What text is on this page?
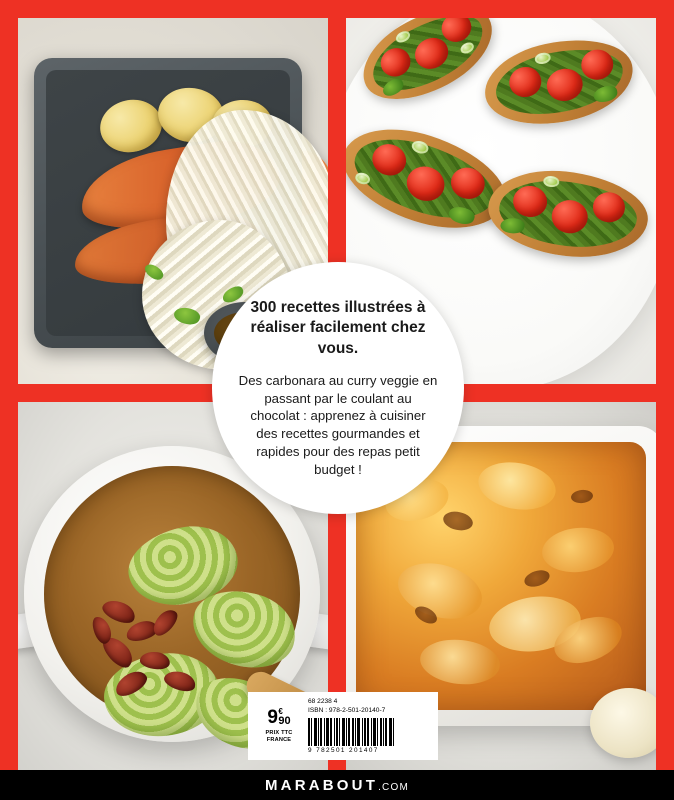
300 recettes illustrées à réaliser facilement chez vous.

Des carbonara au curry veggie en passant par le coulant au chocolat : apprenez à cuisiner des recettes gourmandes et rapides pour des repas petit budget !

9 €
90
PRIX TTC
FRANCE
68 2238 4
ISBN : 978-2-501-20140-7
9 782501 201407
MARABOUT.COM
